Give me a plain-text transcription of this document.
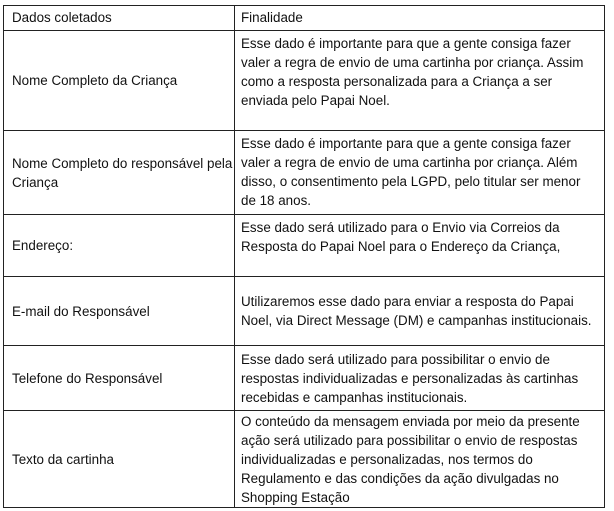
Dados coletados	Finalidade
Nome Completo da Criança	Esse dado é importante para que a gente consiga fazer valer a regra de envio de uma cartinha por criança. Assim como a resposta personalizada para a Criança a ser enviada pelo Papai Noel.
Nome Completo do responsável pela Criança	Esse dado é importante para que a gente consiga fazer valer a regra de envio de uma cartinha por criança. Além disso, o consentimento pela LGPD, pelo titular ser menor de 18 anos.
Endereço:	Esse dado será utilizado para o Envio via Correios da Resposta do Papai Noel para o Endereço da Criança,
E-mail do Responsável	Utilizaremos esse dado para enviar a resposta do Papai Noel, via Direct Message (DM) e campanhas institucionais.
Telefone do Responsável	Esse dado será utilizado para possibilitar o envio de respostas individualizadas e personalizadas às cartinhas recebidas e campanhas institucionais.
Texto da cartinha	O conteúdo da mensagem enviada por meio da presente ação será utilizado para possibilitar o envio de respostas individualizadas e personalizadas, nos termos do Regulamento e das condições da ação divulgadas no Shopping Estação
